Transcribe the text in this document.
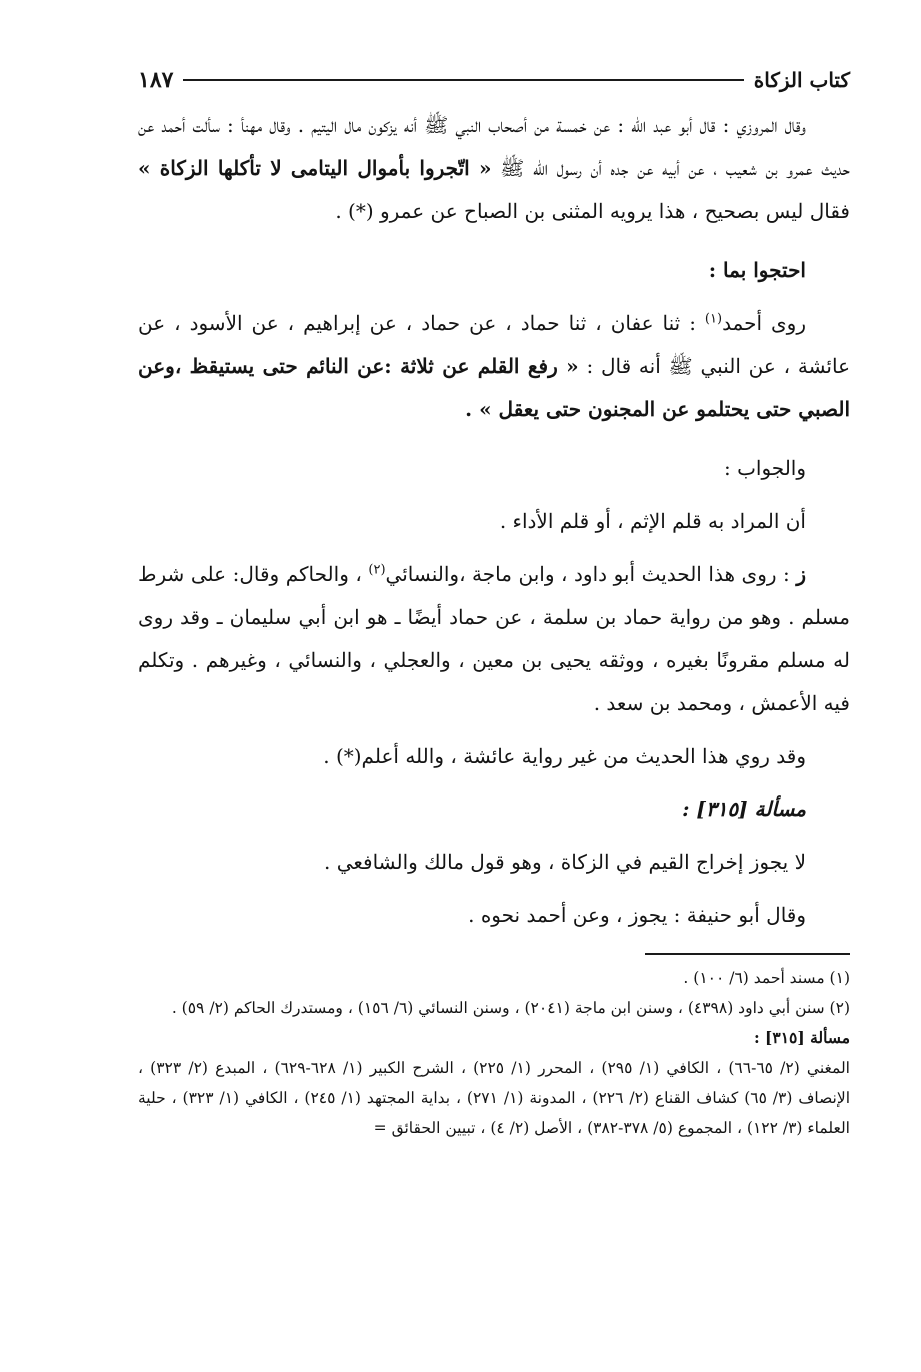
كتاب الزكاة
١٨٧

وقال المروزي : قال أبو عبد الله : عن خمسة من أصحاب النبي ﷺ أنه يزكون مال اليتيم . وقال مهنأ : سألت أحمد عن حديث عمرو بن شعيب ، عن أبيه عن جده أن رسول الله ﷺ « اتّجروا بأموال اليتامى لا تأكلها الزكاة » فقال ليس بصحيح ، هذا يرويه المثنى بن الصباح عن عمرو (*) .

احتجوا بما :

روى أحمد$^{(١)}$ : ثنا عفان ، ثنا حماد ، عن حماد ، عن إبراهيم ، عن الأسود ، عن عائشة ، عن النبي ﷺ أنه قال : « رفع القلم عن ثلاثة :عن النائم حتى يستيقظ ،وعن الصبي حتى يحتلمو عن المجنون حتى يعقل » .

والجواب :

أن المراد به قلم الإثم ، أو قلم الأداء .

ز : روى هذا الحديث أبو داود ، وابن ماجة ،والنسائي$^{(٢)}$ ، والحاكم وقال: على شرط مسلم . وهو من رواية حماد بن سلمة ، عن حماد أيضًا ـ هو ابن أبي سليمان ـ وقد روى له مسلم مقرونًا بغيره ، ووثقه يحيى بن معين ، والعجلي ، والنسائي ، وغيرهم . وتكلم فيه الأعمش ، ومحمد بن سعد .

وقد روي هذا الحديث من غير رواية عائشة ، والله أعلم(*) .

مسألة [٣١٥] :

لا يجوز إخراج القيم في الزكاة ، وهو قول مالك والشافعي .

وقال أبو حنيفة : يجوز ، وعن أحمد نحوه .

(١) مسند أحمد (٦/ ١٠٠) .

(٢) سنن أبي داود (٤٣٩٨) ، وسنن ابن ماجة (٢٠٤١) ، وسنن النسائي (٦/ ١٥٦) ، ومستدرك الحاكم (٢/ ٥٩) .

مسألة [٣١٥] :

المغني (٢/ ٦٥-٦٦) ، الكافي (١/ ٢٩٥) ، المحرر (١/ ٢٢٥) ، الشرح الكبير (١/ ٦٢٨-٦٢٩) ، المبدع (٢/ ٣٢٣) ، الإنصاف (٣/ ٦٥) كشاف القناع (٢/ ٢٢٦) ، المدونة (١/ ٢٧١) ، بداية المجتهد (١/ ٢٤٥) ، الكافي (١/ ٣٢٣) ، حلية العلماء (٣/ ١٢٢) ، المجموع (٥/ ٣٧٨-٣٨٢) ، الأصل (٢/ ٤) ، تبيين الحقائق =
